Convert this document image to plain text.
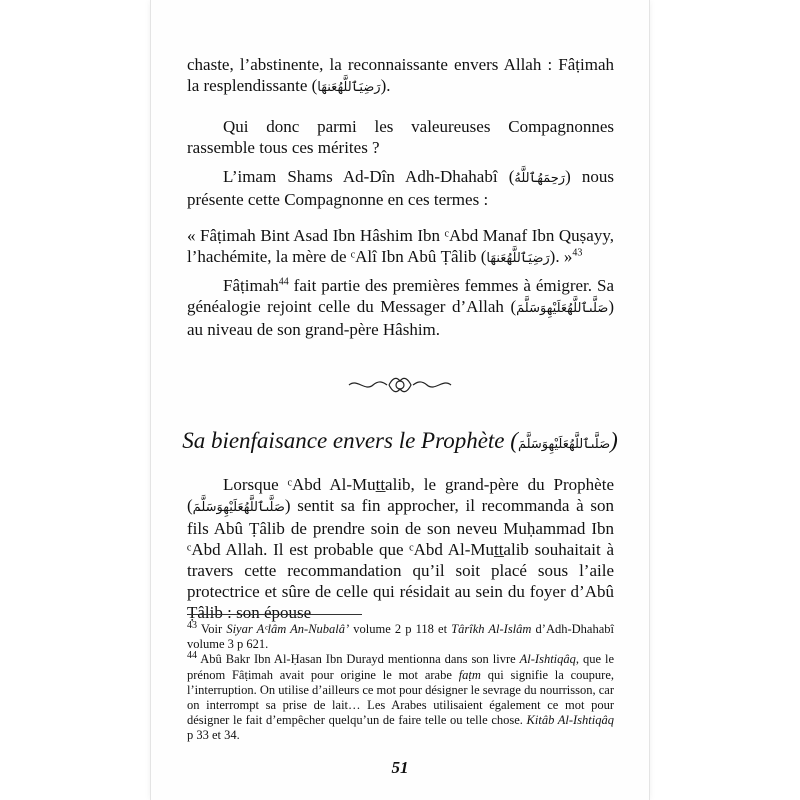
chaste, l’abstinente, la reconnaissante envers Allah : Fâṭimah la resplendissante (رَضِيَٱللَّهُعَنهَا).

Qui donc parmi les valeureuses Compagnonnes rassemble tous ces mérites ?

L’imam Shams Ad-Dîn Adh-Dhahabî (رَحِمَهُٱللَّهُ) nous présente cette Compagnonne en ces termes :

« Fâṭimah Bint Asad Ibn Hâshim Ibn ᶜAbd Manaf Ibn Quṣayy, l’hachémite, la mère de ᶜAlî Ibn Abû Ṭâlib (رَضِيَٱللَّهُعَنهَا). »$^{43}$

Fâṭimah$^{44}$ fait partie des premières femmes à émigrer. Sa généalogie rejoint celle du Messager d’Allah (صَلَّىٱللَّهُعَلَيْهِوَسَلَّمَ) au niveau de son grand-père Hâshim.

Sa bienfaisance envers le Prophète (صَلَّىٱللَّهُعَلَيْهِوَسَلَّمَ)

Lorsque ᶜAbd Al-Muṯṯalib, le grand-père du Prophète (صَلَّىٱللَّهُعَلَيْهِوَسَلَّمَ) sentit sa fin approcher, il recommanda à son fils Abû Ṭâlib de prendre soin de son neveu Muḥammad Ibn ᶜAbd Allah. Il est probable que ᶜAbd Al-Muṯṯalib souhaitait à travers cette recommandation qu’il soit placé sous l’aile protectrice et sûre de celle qui résidait au sein du foyer d’Abû Ṭâlib : son épouse

$^{43}$ Voir Siyar Aᶜlâm An-Nubalâ’ volume 2 p 118 et Târîkh Al-Islâm d’Adh-Dhahabî volume 3 p 621.

$^{44}$ Abû Bakr Ibn Al-Ḥasan Ibn Durayd mentionna dans son livre Al-Ishtiqâq, que le prénom Fâṭimah avait pour origine le mot arabe faṭm qui signifie la coupure, l’interruption. On utilise d’ailleurs ce mot pour désigner le sevrage du nourrisson, car on interrompt sa prise de lait… Les Arabes utilisaient également ce mot pour désigner le fait d’empêcher quelqu’un de faire telle ou telle chose. Kitâb Al-Ishtiqâq p 33 et 34.

51
